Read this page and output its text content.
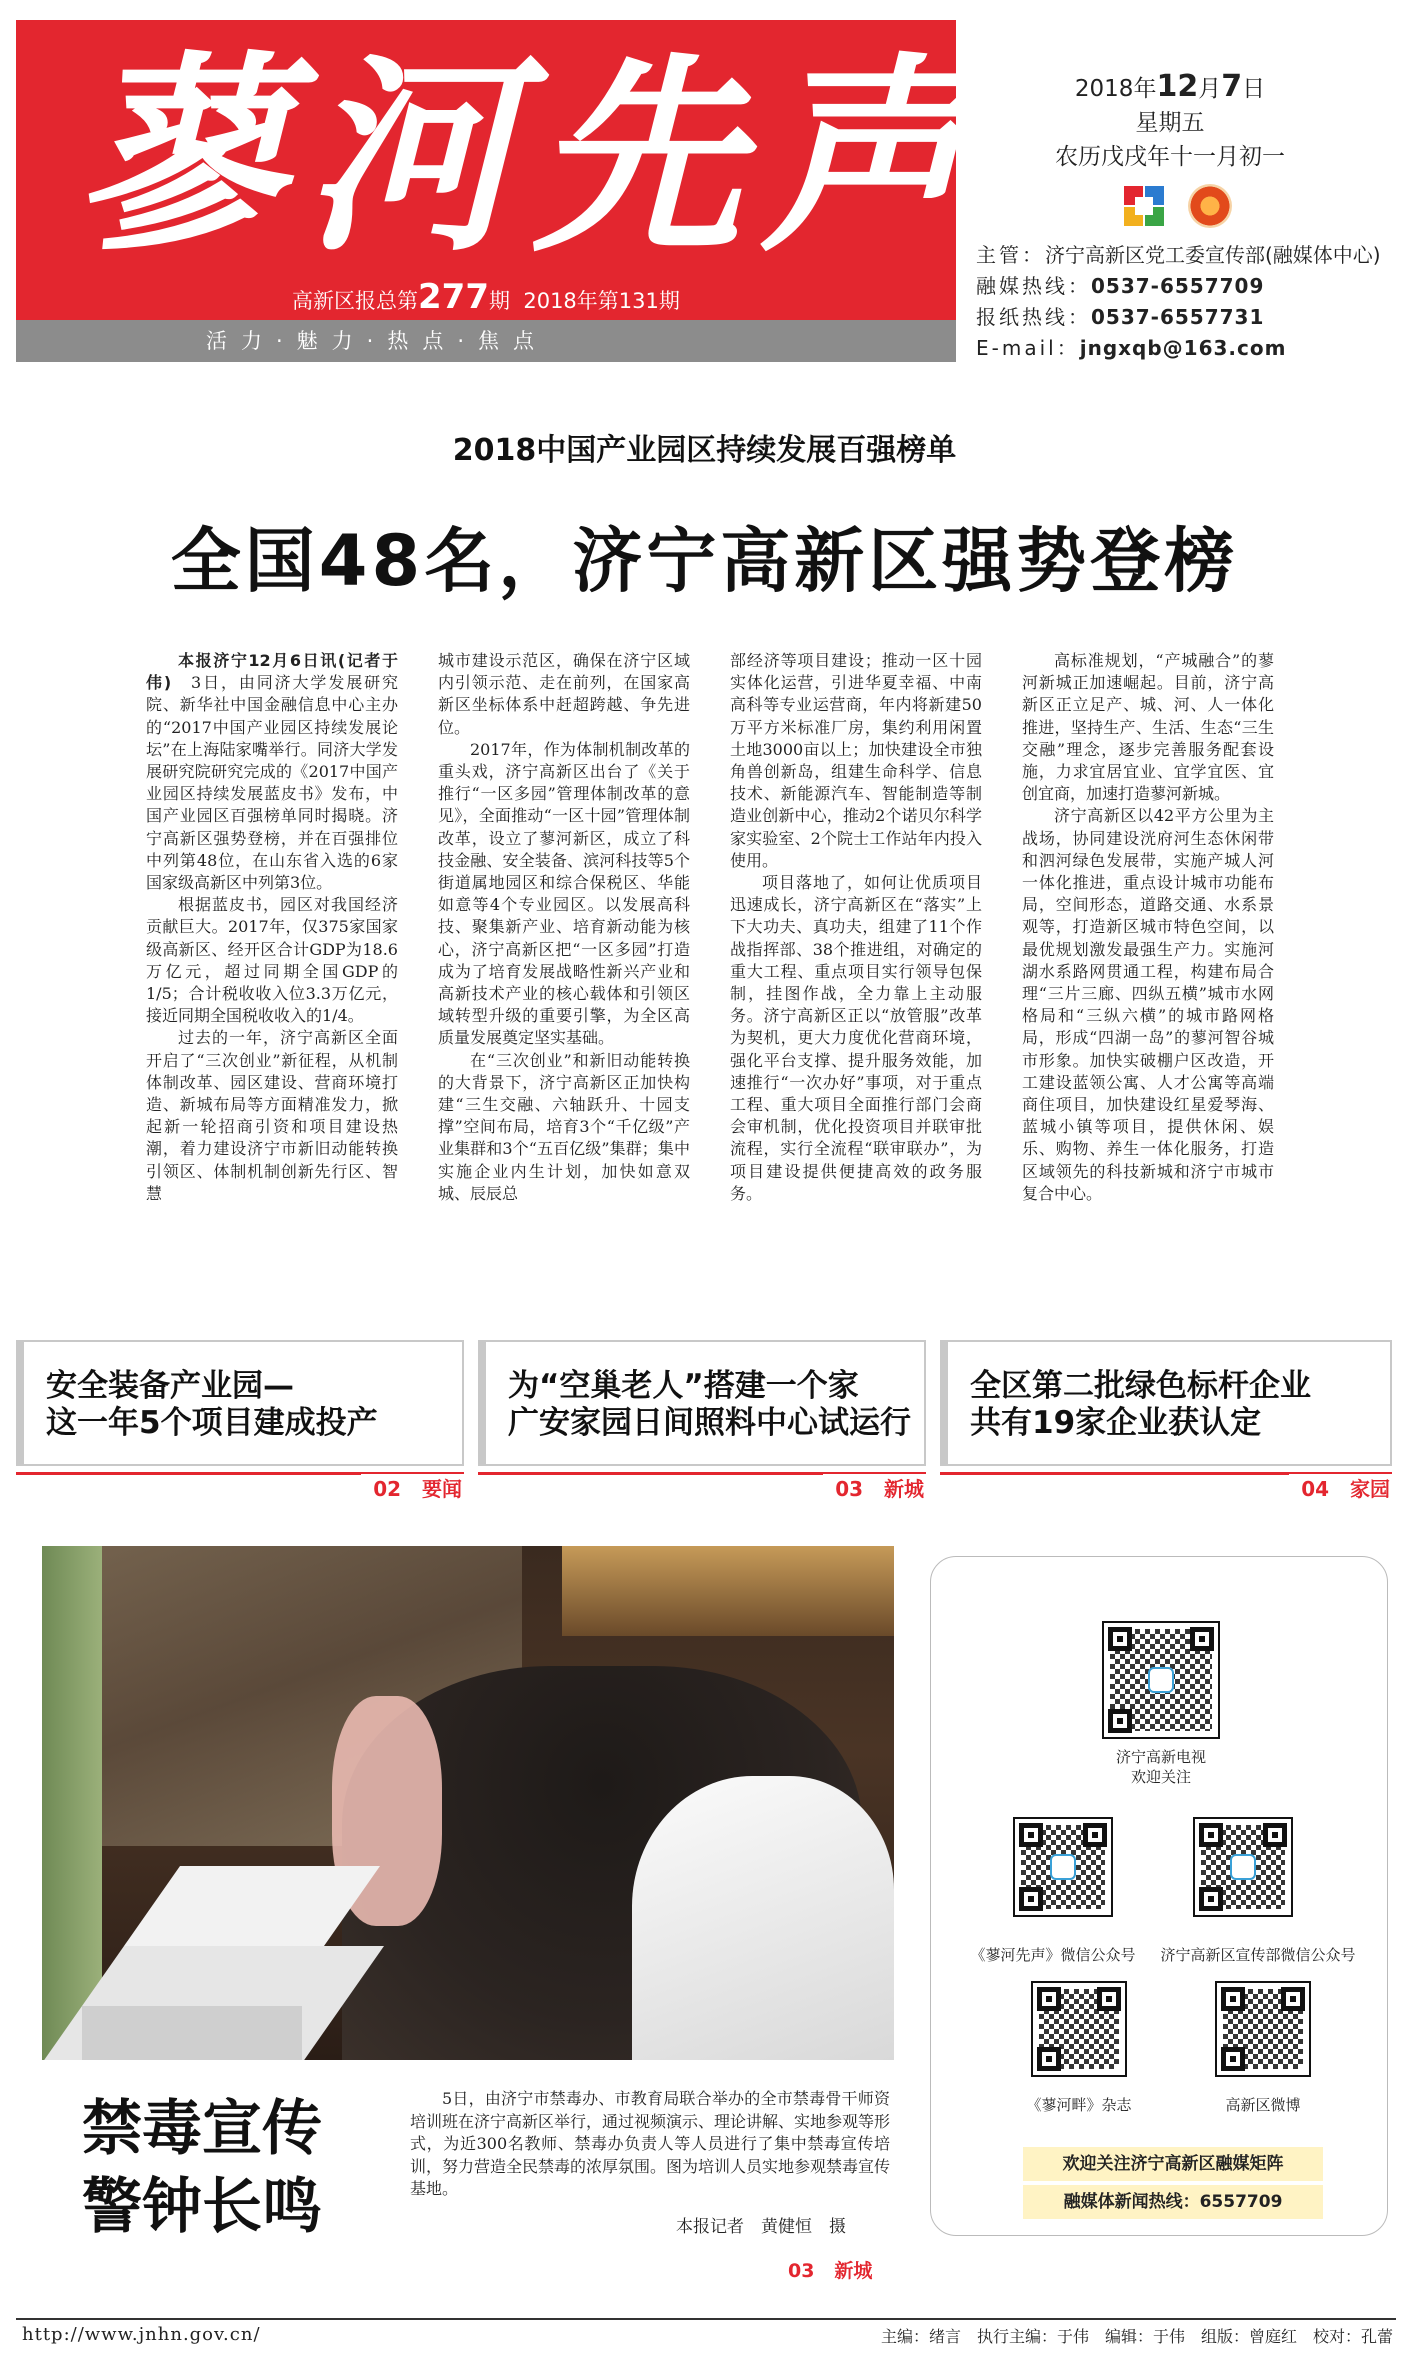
蓼河先声
高新区报总第277期 2018年第131期
活力·魅力·热点·焦点
2018年12月7日
星期五
农历戊戌年十一月初一
主管：济宁高新区党工委宣传部(融媒体中心)
融媒热线：0537-6557709
报纸热线：0537-6557731
E-mail：jngxqb@163.com
2018中国产业园区持续发展百强榜单
全国48名，济宁高新区强势登榜

本报济宁12月6日讯(记者于伟)　 3日，由同济大学发展研究院、新华社中国金融信息中心主办的“2017中国产业园区持续发展论坛”在上海陆家嘴举行。同济大学发展研究院研究完成的《2017中国产业园区持续发展蓝皮书》发布，中国产业园区百强榜单同时揭晓。济宁高新区强势登榜，并在百强排位中列第48位，在山东省入选的6家国家级高新区中列第3位。

根据蓝皮书，园区对我国经济贡献巨大。2017年，仅375家国家级高新区、经开区合计GDP为18.6万亿元，超过同期全国GDP的1/5；合计税收收入位3.3万亿元，接近同期全国税收收入的1/4。

过去的一年，济宁高新区全面开启了“三次创业”新征程，从机制体制改革、园区建设、营商环境打造、新城布局等方面精准发力，掀起新一轮招商引资和项目建设热潮，着力建设济宁市新旧动能转换引领区、体制机制创新先行区、智慧

城市建设示范区，确保在济宁区域内引领示范、走在前列，在国家高新区坐标体系中赶超跨越、争先进位。

2017年，作为体制机制改革的重头戏，济宁高新区出台了《关于推行“一区多园”管理体制改革的意见》，全面推动“一区十园”管理体制改革，设立了蓼河新区，成立了科技金融、安全装备、滨河科技等5个街道属地园区和综合保税区、华能如意等4个专业园区。以发展高科技、聚集新产业、培育新动能为核心，济宁高新区把“一区多园”打造成为了培育发展战略性新兴产业和高新技术产业的核心载体和引领区域转型升级的重要引擎，为全区高质量发展奠定坚实基础。

在“三次创业”和新旧动能转换的大背景下，济宁高新区正加快构建“三生交融、六轴跃升、十园支撑”空间布局，培育3个“千亿级”产业集群和3个“五百亿级”集群；集中实施企业内生计划，加快如意双城、辰辰总

部经济等项目建设；推动一区十园实体化运营，引进华夏幸福、中南高科等专业运营商，年内将新建50万平方米标准厂房，集约利用闲置土地3000亩以上；加快建设全市独角兽创新岛，组建生命科学、信息技术、新能源汽车、智能制造等制造业创新中心，推动2个诺贝尔科学家实验室、2个院士工作站年内投入使用。

项目落地了，如何让优质项目迅速成长，济宁高新区在“落实”上下大功夫、真功夫，组建了11个作战指挥部、38个推进组，对确定的重大工程、重点项目实行领导包保制，挂图作战，全力靠上主动服务。济宁高新区正以“放管服”改革为契机，更大力度优化营商环境，强化平台支撑、提升服务效能，加速推行“一次办好”事项，对于重点工程、重大项目全面推行部门会商会审机制，优化投资项目并联审批流程，实行全流程“联审联办”，为项目建设提供便捷高效的政务服务。

高标准规划，“产城融合”的蓼河新城正加速崛起。目前，济宁高新区正立足产、城、河、人一体化推进，坚持生产、生活、生态“三生交融”理念，逐步完善服务配套设施，力求宜居宜业、宜学宜医、宜创宜商，加速打造蓼河新城。

济宁高新区以42平方公里为主战场，协同建设洸府河生态休闲带和泗河绿色发展带，实施产城人河一体化推进，重点设计城市功能布局，空间形态，道路交通、水系景观等，打造新区城市特色空间，以最优规划激发最强生产力。实施河湖水系路网贯通工程，构建布局合理“三片三廊、四纵五横”城市水网格局和“三纵六横”的城市路网格局，形成“四湖一岛”的蓼河智谷城市形象。加快实破棚户区改造，开工建设蓝领公寓、人才公寓等高端商住项目，加快建设红星爱琴海、蓝城小镇等项目，提供休闲、娱乐、购物、养生一体化服务，打造区域领先的科技新城和济宁市城市复合中心。

安全装备产业园—
这一年5个项目建成投产
02 要闻
为“空巢老人”搭建一个家
广安家园日间照料中心试运行
03 新城
全区第二批绿色标杆企业
共有19家企业获认定
04 家园
禁毒宣传
警钟长鸣

5日，由济宁市禁毒办、市教育局联合举办的全市禁毒骨干师资培训班在济宁高新区举行，通过视频演示、理论讲解、实地参观等形式，为近300名教师、禁毒办负责人等人员进行了集中禁毒宣传培训，努力营造全民禁毒的浓厚氛围。图为培训人员实地参观禁毒宣传基地。

本报记者　黄健恒　摄
03 新城
济宁高新电视
欢迎关注
《蓼河先声》微信公众号	济宁高新区宣传部微信公众号
《蓼河畔》杂志	高新区微博
欢迎关注济宁高新区融媒矩阵
融媒体新闻热线：6557709
http://www.jnhn.gov.cn/	主编：绪言　执行主编：于伟　编辑：于伟　组版：曾庭红　校对：孔蕾
